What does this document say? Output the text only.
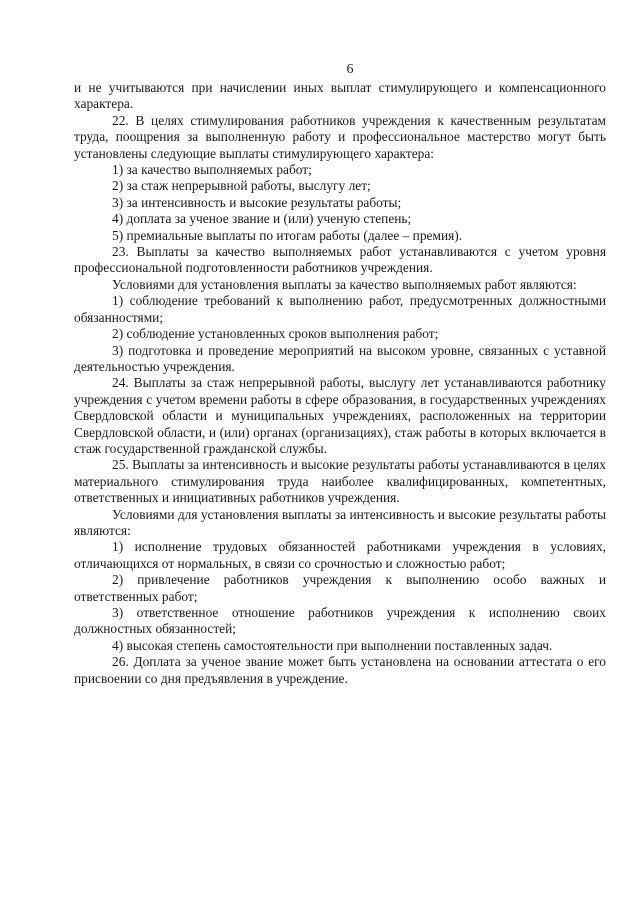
6

и не учитываются при начислении иных выплат стимулирующего и компенсационного характера.

22. В целях стимулирования работников учреждения к качественным результатам труда, поощрения за выполненную работу и профессиональное мастерство могут быть установлены следующие выплаты стимулирующего характера:

1) за качество выполняемых работ;

2) за стаж непрерывной работы, выслугу лет;

3) за интенсивность и высокие результаты работы;

4) доплата за ученое звание и (или) ученую степень;

5) премиальные выплаты по итогам работы (далее – премия).

23. Выплаты за качество выполняемых работ устанавливаются с учетом уровня профессиональной подготовленности работников учреждения.

Условиями для установления выплаты за качество выполняемых работ являются:

1) соблюдение требований к выполнению работ, предусмотренных должностными обязанностями;

2) соблюдение установленных сроков выполнения работ;

3) подготовка и проведение мероприятий на высоком уровне, связанных с уставной деятельностью учреждения.

24. Выплаты за стаж непрерывной работы, выслугу лет устанавливаются работнику учреждения с учетом времени работы в сфере образования, в государственных учреждениях Свердловской области и муниципальных учреждениях, расположенных на территории Свердловской области, и (или) органах (организациях), стаж работы в которых включается в стаж государственной гражданской службы.

25. Выплаты за интенсивность и высокие результаты работы устанавливаются в целях материального стимулирования труда наиболее квалифицированных, компетентных, ответственных и инициативных работников учреждения.

Условиями для установления выплаты за интенсивность и высокие результаты работы являются:

1) исполнение трудовых обязанностей работниками учреждения в условиях, отличающихся от нормальных, в связи со срочностью и сложностью работ;

2) привлечение работников учреждения к выполнению особо важных и ответственных работ;

3) ответственное отношение работников учреждения к исполнению своих должностных обязанностей;

4) высокая степень самостоятельности при выполнении поставленных задач.

26. Доплата за ученое звание может быть установлена на основании аттестата о его присвоении со дня предъявления в учреждение.
